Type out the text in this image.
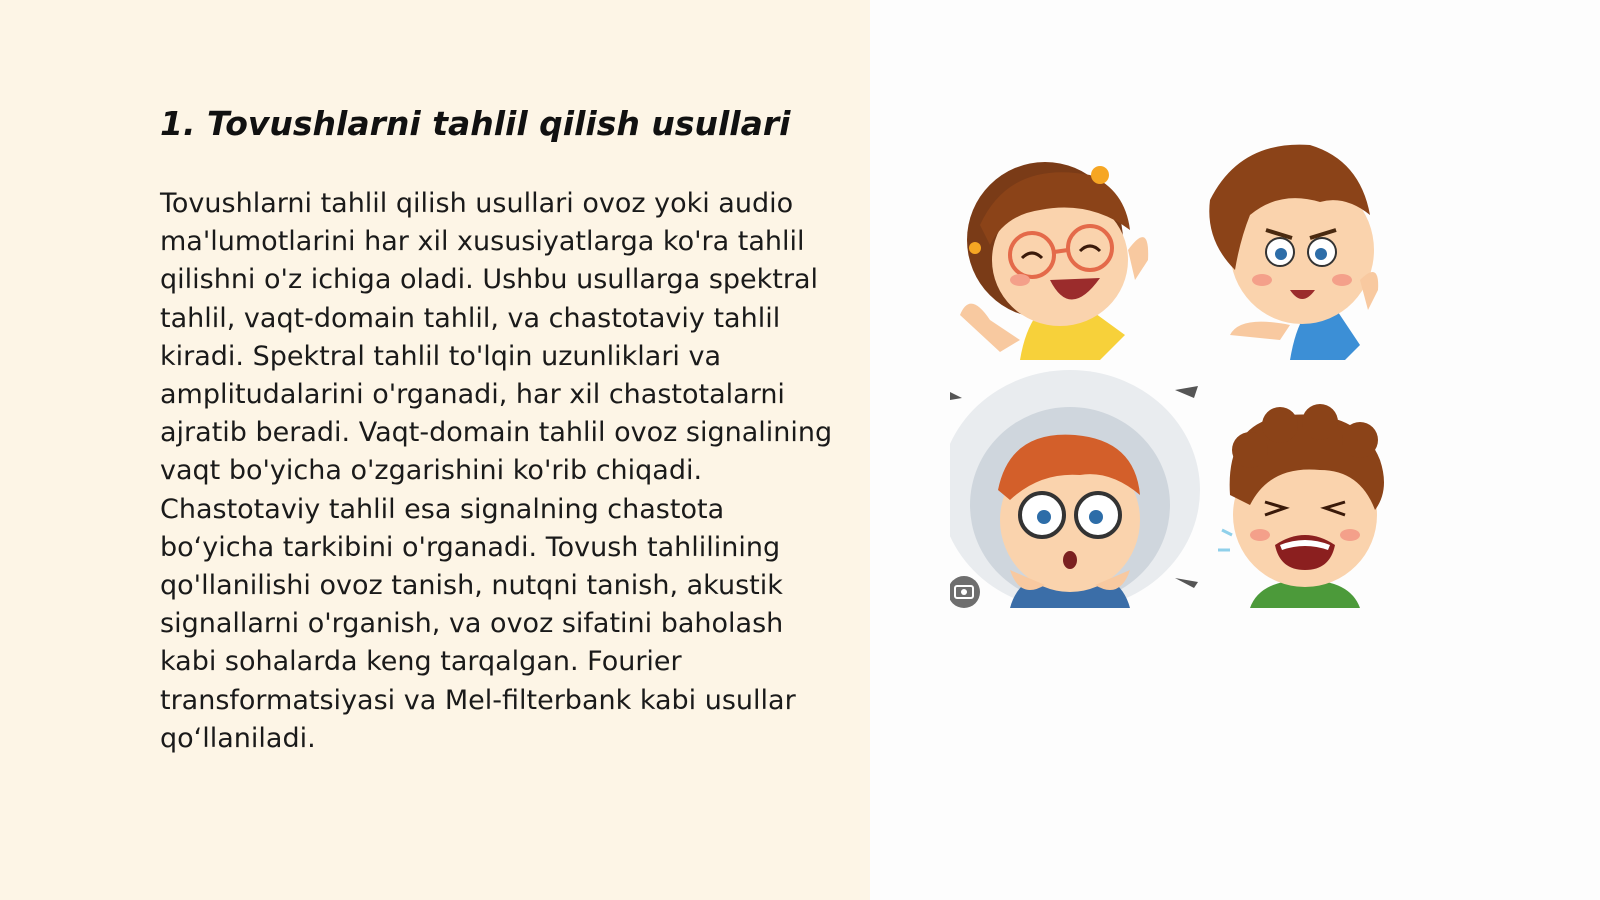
1. Tovushlarni tahlil qilish usullari

Tovushlarni tahlil qilish usullari ovoz yoki audio ma'lumotlarini har xil xususiyatlarga ko'ra tahlil qilishni o'z ichiga oladi. Ushbu usullarga spektral tahlil, vaqt-domain tahlil, va chastotaviy tahlil kiradi. Spektral tahlil to'lqin uzunliklari va amplitudalarini o'rganadi, har xil chastotalarni ajratib beradi. Vaqt-domain tahlil ovoz signalining vaqt bo'yicha o'zgarishini ko'rib chiqadi. Chastotaviy tahlil esa signalning chastota bo‘yicha tarkibini o'rganadi. Tovush tahlilining qo'llanilishi ovoz tanish, nutqni tanish, akustik signallarni o'rganish, va ovoz sifatini baholash kabi sohalarda keng tarqalgan. Fourier transformatsiyasi va Mel-filterbank kabi usullar qo‘llaniladi.
